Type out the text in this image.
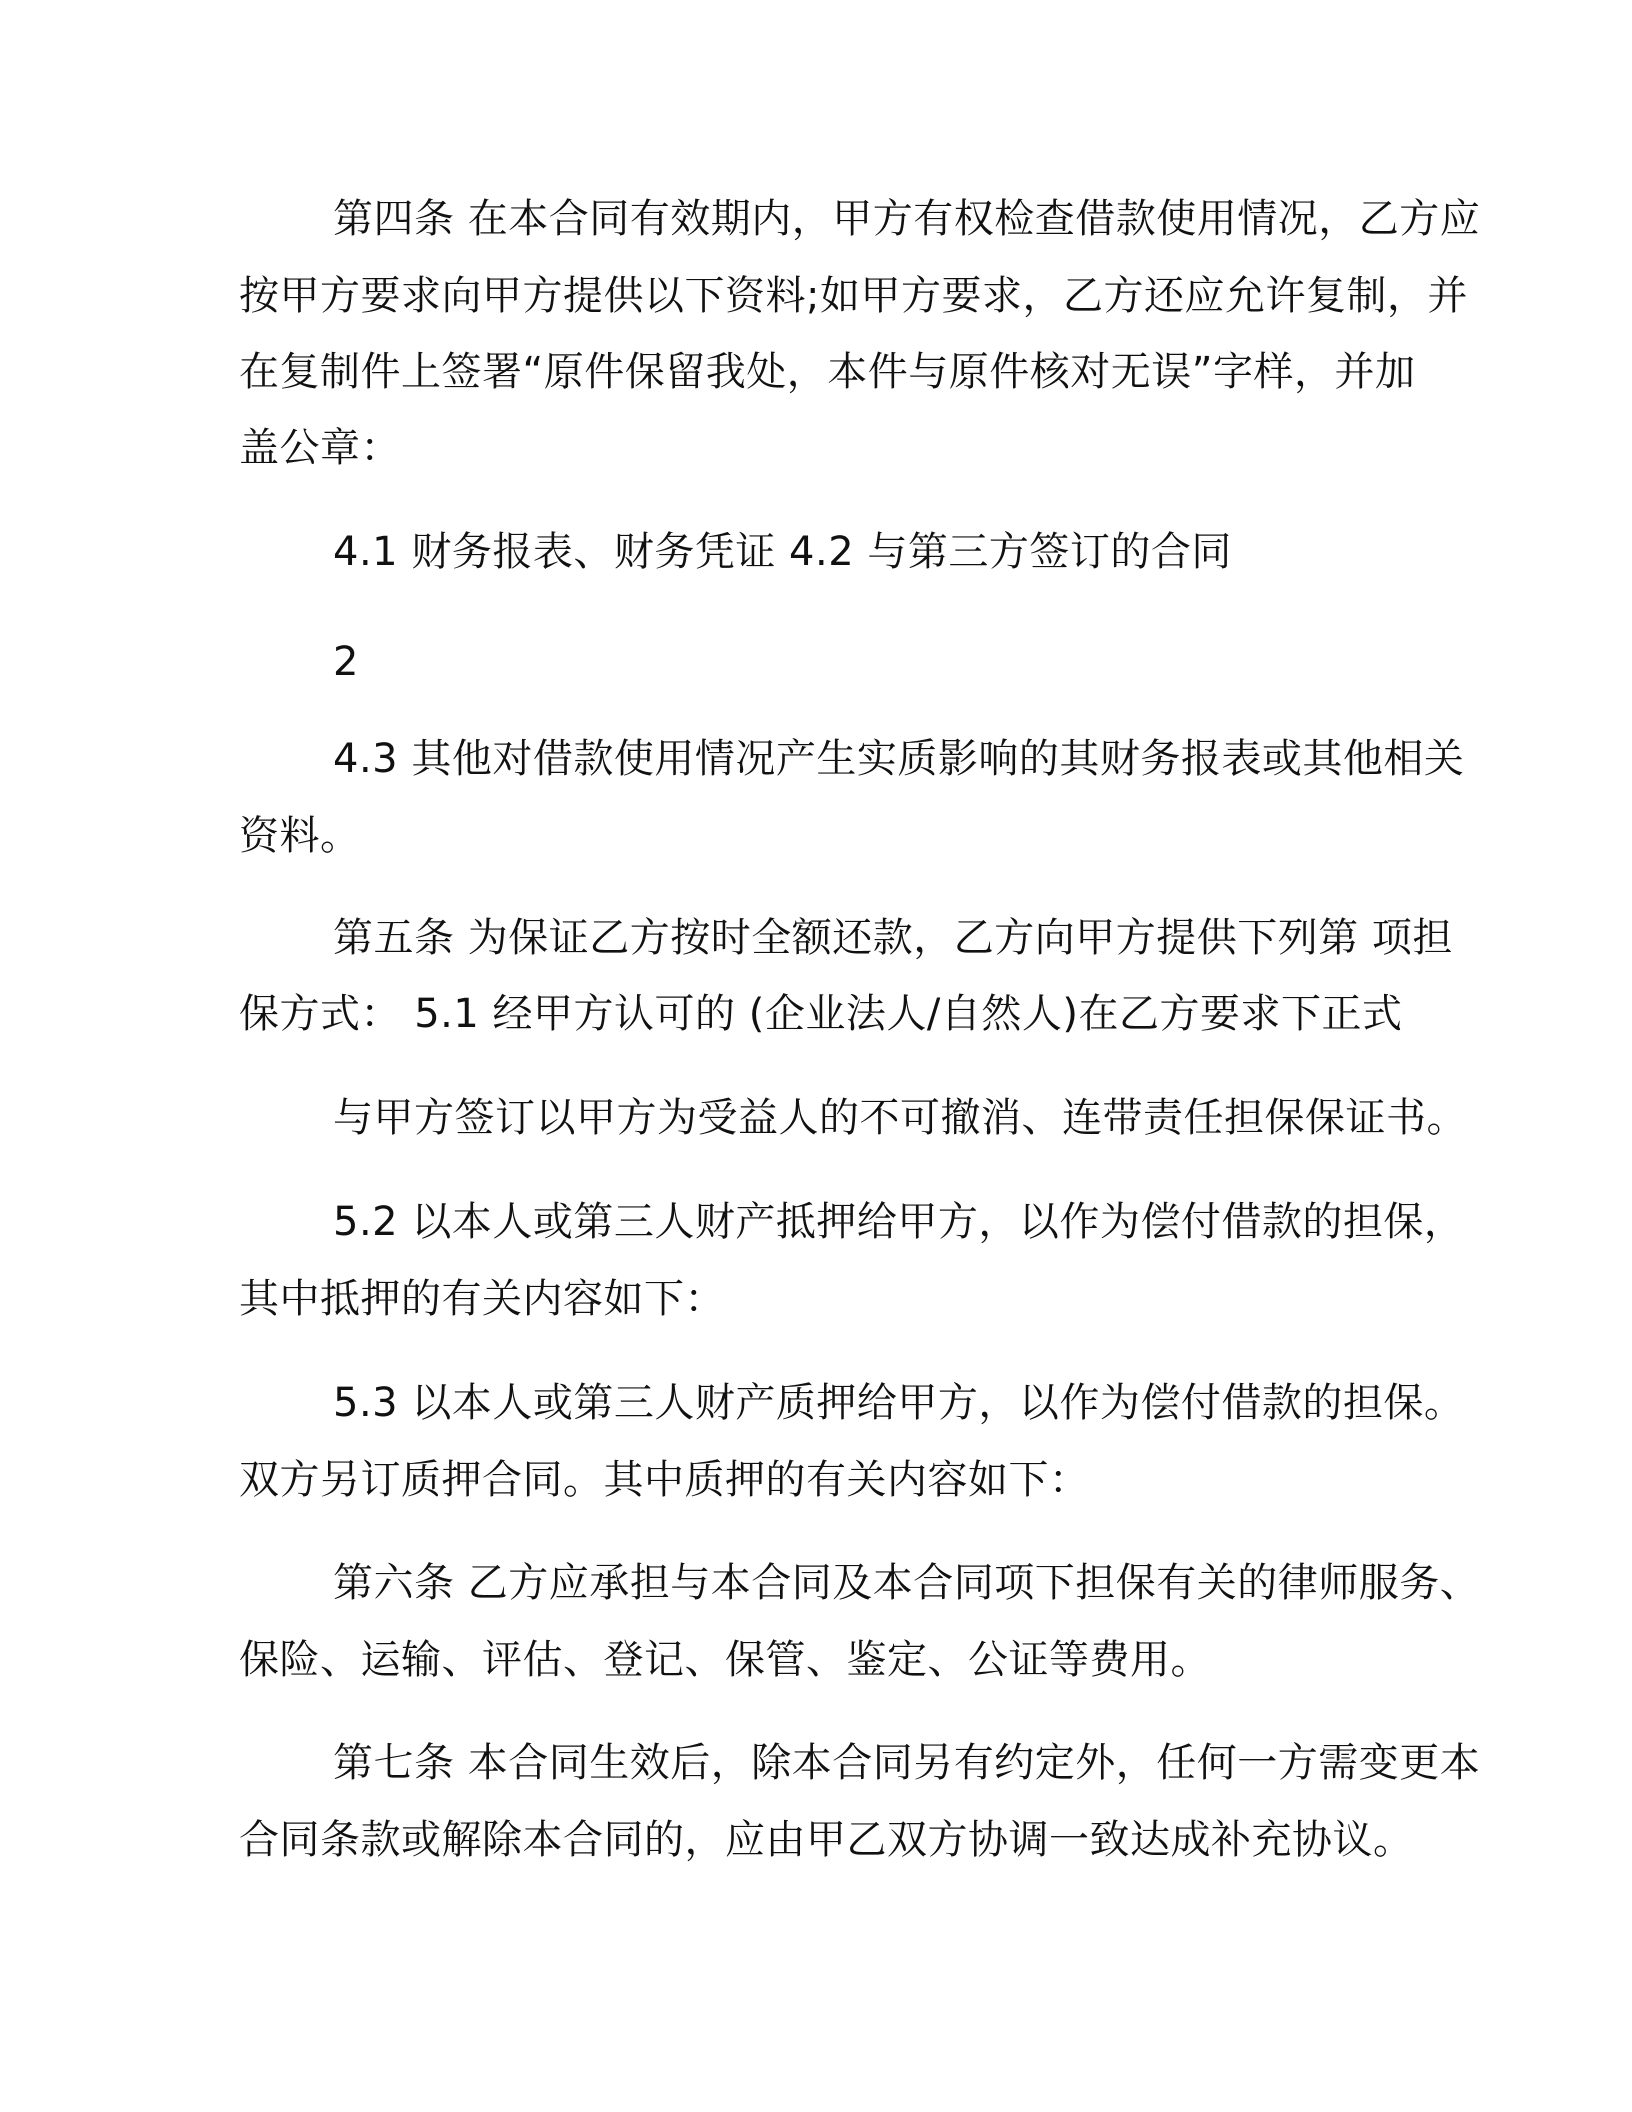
第四条 在本合同有效期内，甲方有权检查借款使用情况，乙方应
按甲方要求向甲方提供以下资料;如甲方要求，乙方还应允许复制，并
在复制件上签署“原件保留我处，本件与原件核对无误”字样，并加
盖公章：
4.1 财务报表、财务凭证 4.2 与第三方签订的合同
2
4.3 其他对借款使用情况产生实质影响的其财务报表或其他相关
资料。
第五条 为保证乙方按时全额还款，乙方向甲方提供下列第 项担
保方式： 5.1 经甲方认可的 (企业法人/自然人)在乙方要求下正式
与甲方签订以甲方为受益人的不可撤消、连带责任担保保证书。
5.2 以本人或第三人财产抵押给甲方，以作为偿付借款的担保，
其中抵押的有关内容如下：
5.3 以本人或第三人财产质押给甲方，以作为偿付借款的担保。
双方另订质押合同。其中质押的有关内容如下：
第六条 乙方应承担与本合同及本合同项下担保有关的律师服务、
保险、运输、评估、登记、保管、鉴定、公证等费用。
第七条 本合同生效后，除本合同另有约定外，任何一方需变更本
合同条款或解除本合同的，应由甲乙双方协调一致达成补充协议。
